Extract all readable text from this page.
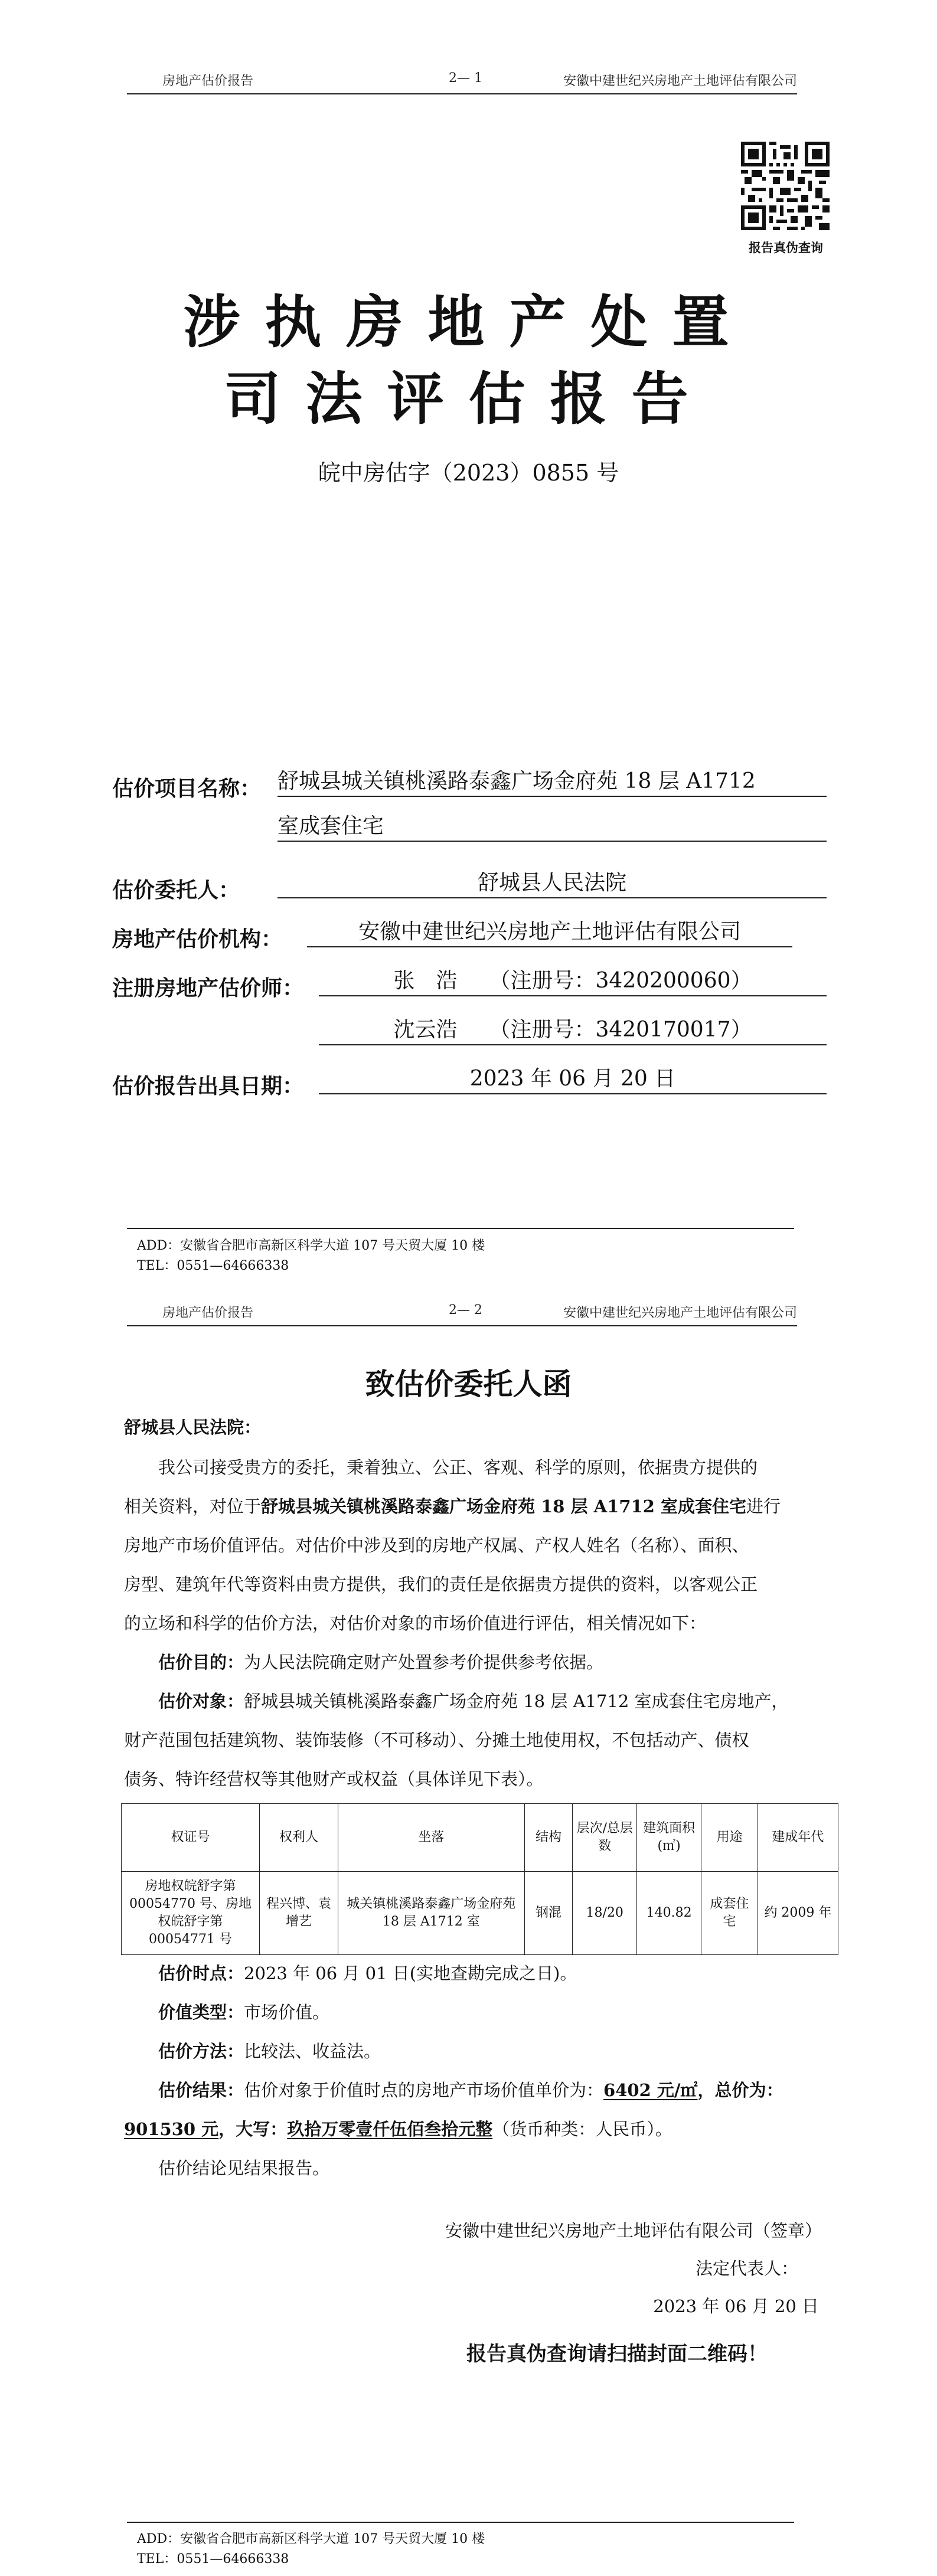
房地产估价报告	2— 1	安徽中建世纪兴房地产土地评估有限公司
报告真伪查询
涉执房地产处置
司法评估报告
皖中房估字（2023）0855 号
估价项目名称： 舒城县城关镇桃溪路泰鑫广场金府苑 18 层 A1712
室成套住宅
估价委托人：	舒城县人民法院
房地产估价机构：	安徽中建世纪兴房地产土地评估有限公司
注册房地产估价师：	张　浩　　（注册号：3420200060）
沈云浩　　（注册号：3420170017）
估价报告出具日期：	2023 年 06 月 20 日
ADD：安徽省合肥市高新区科学大道 107 号天贸大厦 10 楼
TEL：0551—64666338
房地产估价报告	2— 2	安徽中建世纪兴房地产土地评估有限公司
致估价委托人函
舒城县人民法院：
我公司接受贵方的委托，秉着独立、公正、客观、科学的原则，依据贵方提供的
相关资料，对位于舒城县城关镇桃溪路泰鑫广场金府苑 18 层 A1712 室成套住宅进行
房地产市场价值评估。对估价中涉及到的房地产权属、产权人姓名（名称）、面积、
房型、建筑年代等资料由贵方提供，我们的责任是依据贵方提供的资料，以客观公正
的立场和科学的估价方法，对估价对象的市场价值进行评估，相关情况如下：
估价目的：为人民法院确定财产处置参考价提供参考依据。
估价对象：舒城县城关镇桃溪路泰鑫广场金府苑 18 层 A1712 室成套住宅房地产，
财产范围包括建筑物、装饰装修（不可移动）、分摊土地使用权，不包括动产、债权
债务、特许经营权等其他财产或权益（具体详见下表）。
权证号	权利人	坐落	结构	层次/总层数	建筑面积(㎡)	用途	建成年代
房地权皖舒字第 00054770 号、房地权皖舒字第 00054771 号	程兴博、袁增艺	城关镇桃溪路泰鑫广场金府苑 18 层 A1712 室	钢混	18/20	140.82	成套住宅	约 2009 年
估价时点：2023 年 06 月 01 日(实地查勘完成之日)。
价值类型：市场价值。
估价方法：比较法、收益法。
估价结果：估价对象于价值时点的房地产市场价值单价为：6402 元/㎡，总价为：
901530 元，大写：玖拾万零壹仟伍佰叁拾元整（货币种类：人民币）。
估价结论见结果报告。
安徽中建世纪兴房地产土地评估有限公司（签章）
法定代表人：
2023 年 06 月 20 日
报告真伪查询请扫描封面二维码！
ADD：安徽省合肥市高新区科学大道 107 号天贸大厦 10 楼
TEL：0551—64666338
